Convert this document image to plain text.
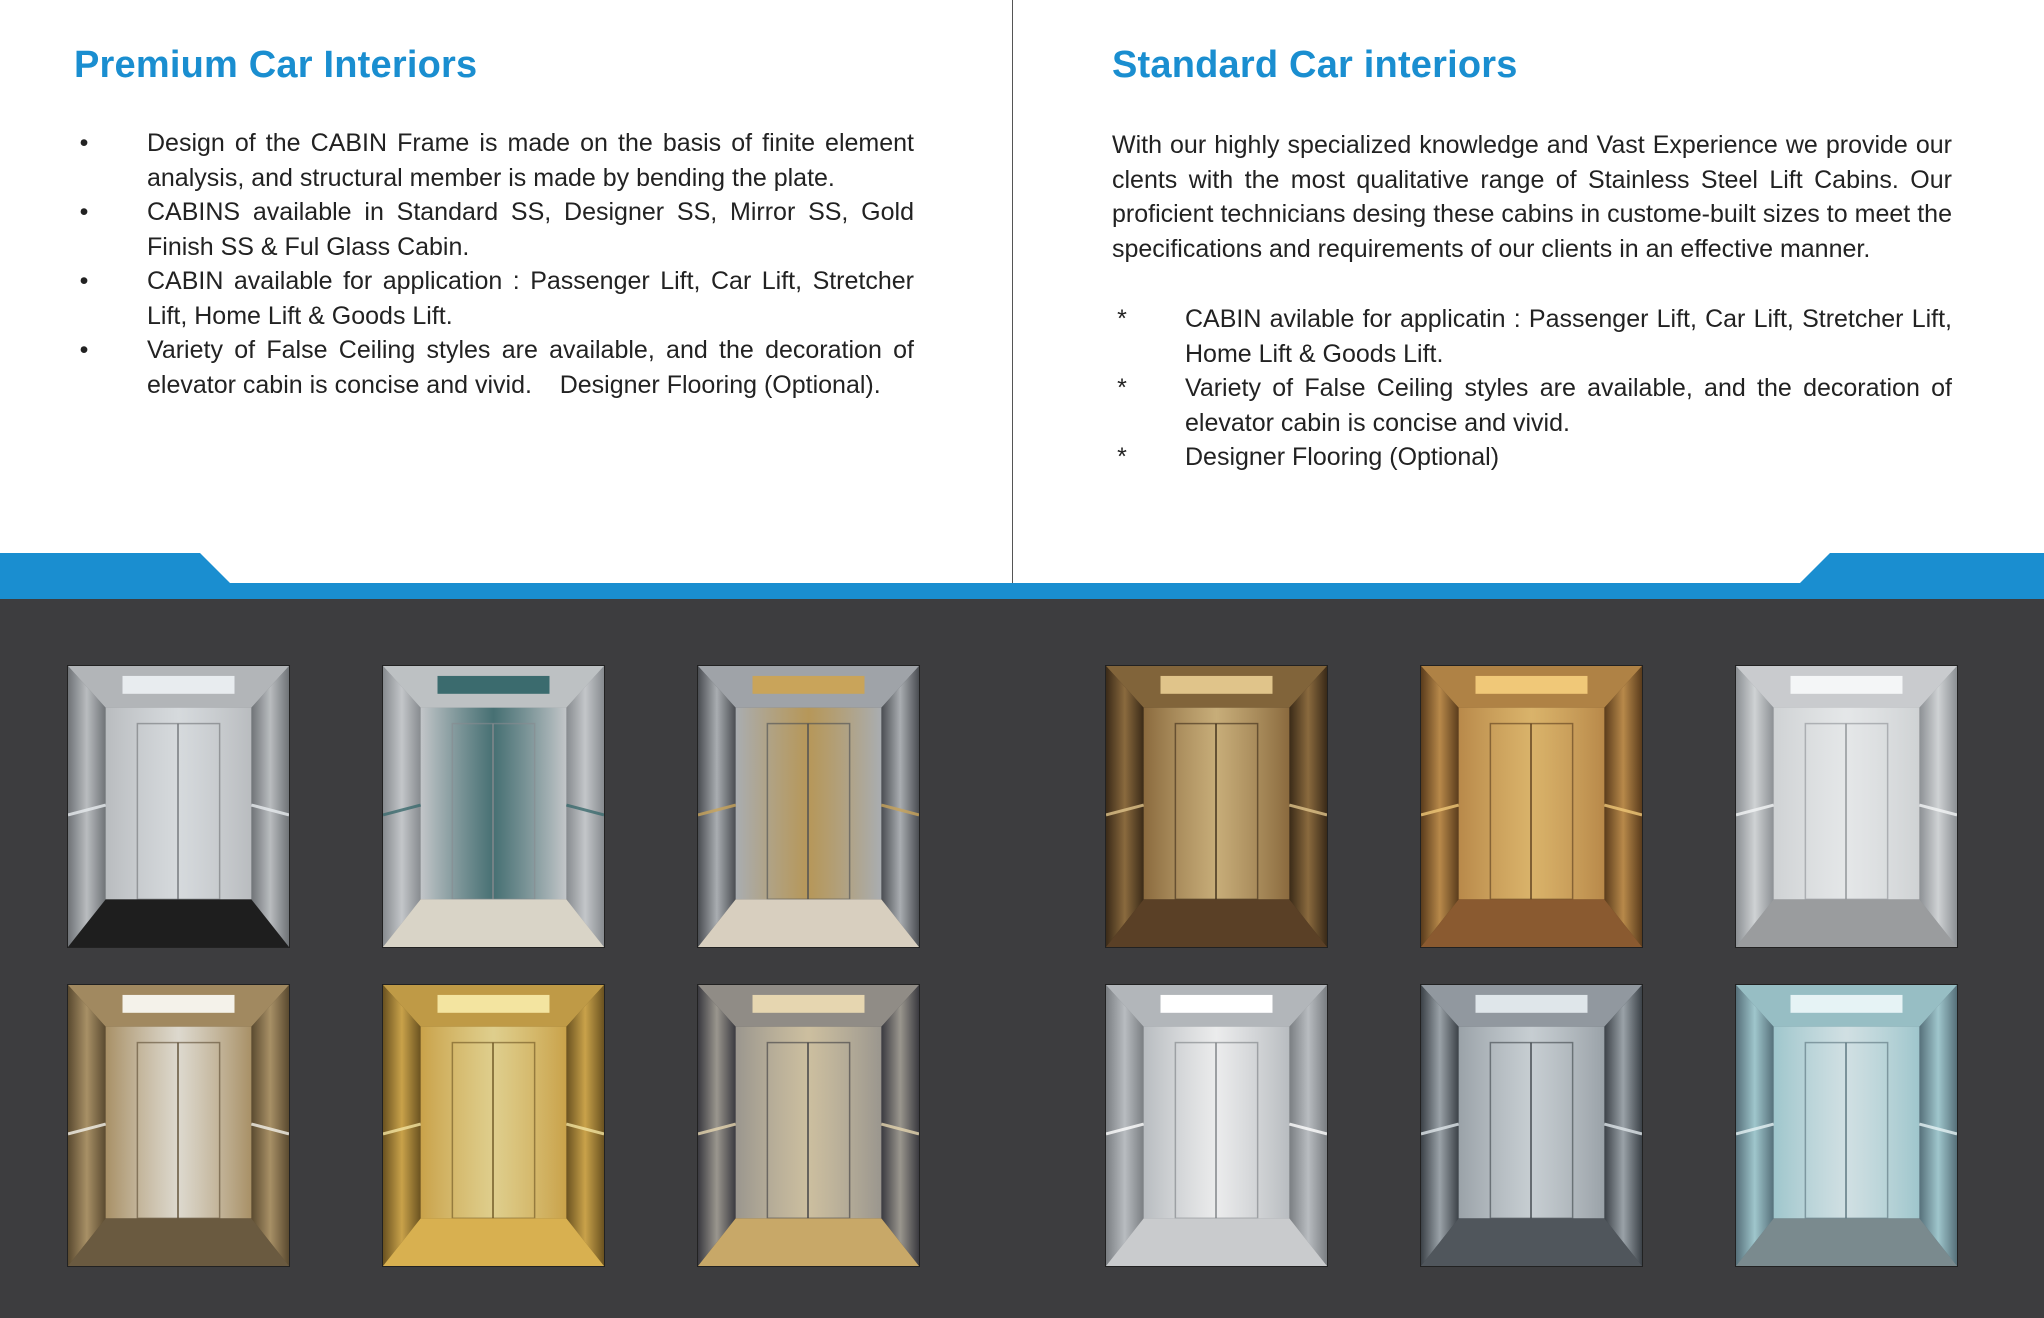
Premium Car Interiors
• Design of the CABIN Frame is made on the basis of finite element analysis, and structural member is made by bending the plate.
• CABINS available in Standard SS, Designer SS, Mirror SS, Gold Finish SS & Ful Glass Cabin.
• CABIN available for application : Passenger Lift, Car Lift, Stretcher Lift, Home Lift & Goods Lift.
• Variety of False Ceiling styles are available, and the decoration of elevator cabin is concise and vivid.    Designer Flooring (Optional).
Standard Car interiors

With our highly specialized knowledge and Vast Experience we provide our clents with the most qualitative range of Stainless Steel Lift Cabins. Our proficient technicians desing these cabins in custome-built sizes to meet the specifications and requirements of our clients in an effective manner.

* CABIN avilable for applicatin : Passenger Lift, Car Lift, Stretcher Lift, Home Lift & Goods Lift.
* Variety of False Ceiling styles are available, and the decoration of elevator cabin is concise and vivid.
* Designer Flooring (Optional)
